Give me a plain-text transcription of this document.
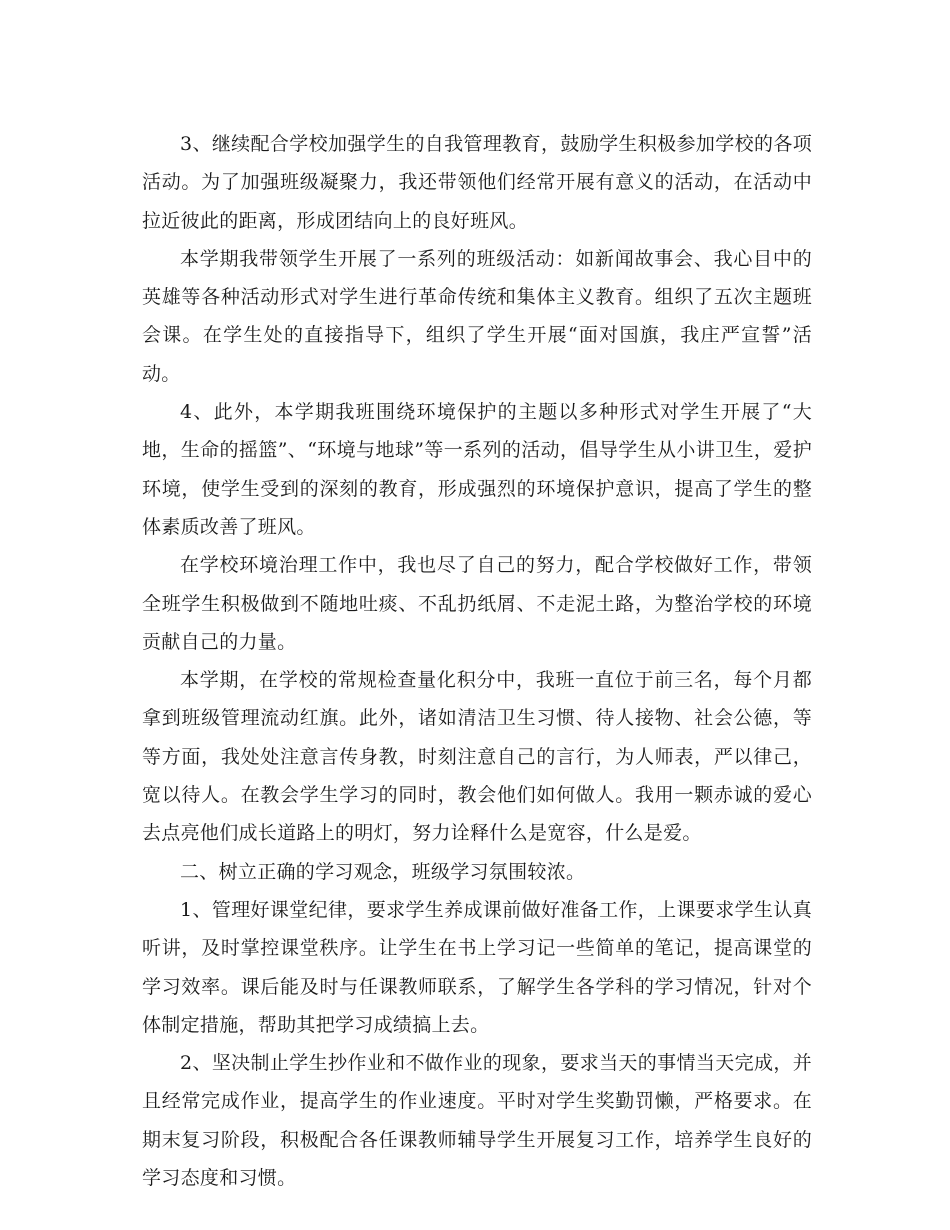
3、继续配合学校加强学生的自我管理教育，鼓励学生积极参加学校的各项活动。为了加强班级凝聚力，我还带领他们经常开展有意义的活动，在活动中拉近彼此的距离，形成团结向上的良好班风。

本学期我带领学生开展了一系列的班级活动：如新闻故事会、我心目中的英雄等各种活动形式对学生进行革命传统和集体主义教育。组织了五次主题班会课。在学生处的直接指导下，组织了学生开展“面对国旗，我庄严宣誓”活动。

4、此外，本学期我班围绕环境保护的主题以多种形式对学生开展了“大地，生命的摇篮”、“环境与地球”等一系列的活动，倡导学生从小讲卫生，爱护环境，使学生受到的深刻的教育，形成强烈的环境保护意识，提高了学生的整体素质改善了班风。

在学校环境治理工作中，我也尽了自己的努力，配合学校做好工作，带领全班学生积极做到不随地吐痰、不乱扔纸屑、不走泥土路，为整治学校的环境贡献自己的力量。

本学期，在学校的常规检查量化积分中，我班一直位于前三名，每个月都拿到班级管理流动红旗。此外，诸如清洁卫生习惯、待人接物、社会公德，等等方面，我处处注意言传身教，时刻注意自己的言行，为人师表，严以律己，宽以待人。在教会学生学习的同时，教会他们如何做人。我用一颗赤诚的爱心去点亮他们成长道路上的明灯，努力诠释什么是宽容，什么是爱。

二、树立正确的学习观念，班级学习氛围较浓。

1、管理好课堂纪律，要求学生养成课前做好准备工作，上课要求学生认真听讲，及时掌控课堂秩序。让学生在书上学习记一些简单的笔记，提高课堂的学习效率。课后能及时与任课教师联系，了解学生各学科的学习情况，针对个体制定措施，帮助其把学习成绩搞上去。

2、坚决制止学生抄作业和不做作业的现象，要求当天的事情当天完成，并且经常完成作业，提高学生的作业速度。平时对学生奖勤罚懒，严格要求。在期末复习阶段，积极配合各任课教师辅导学生开展复习工作，培养学生良好的学习态度和习惯。
